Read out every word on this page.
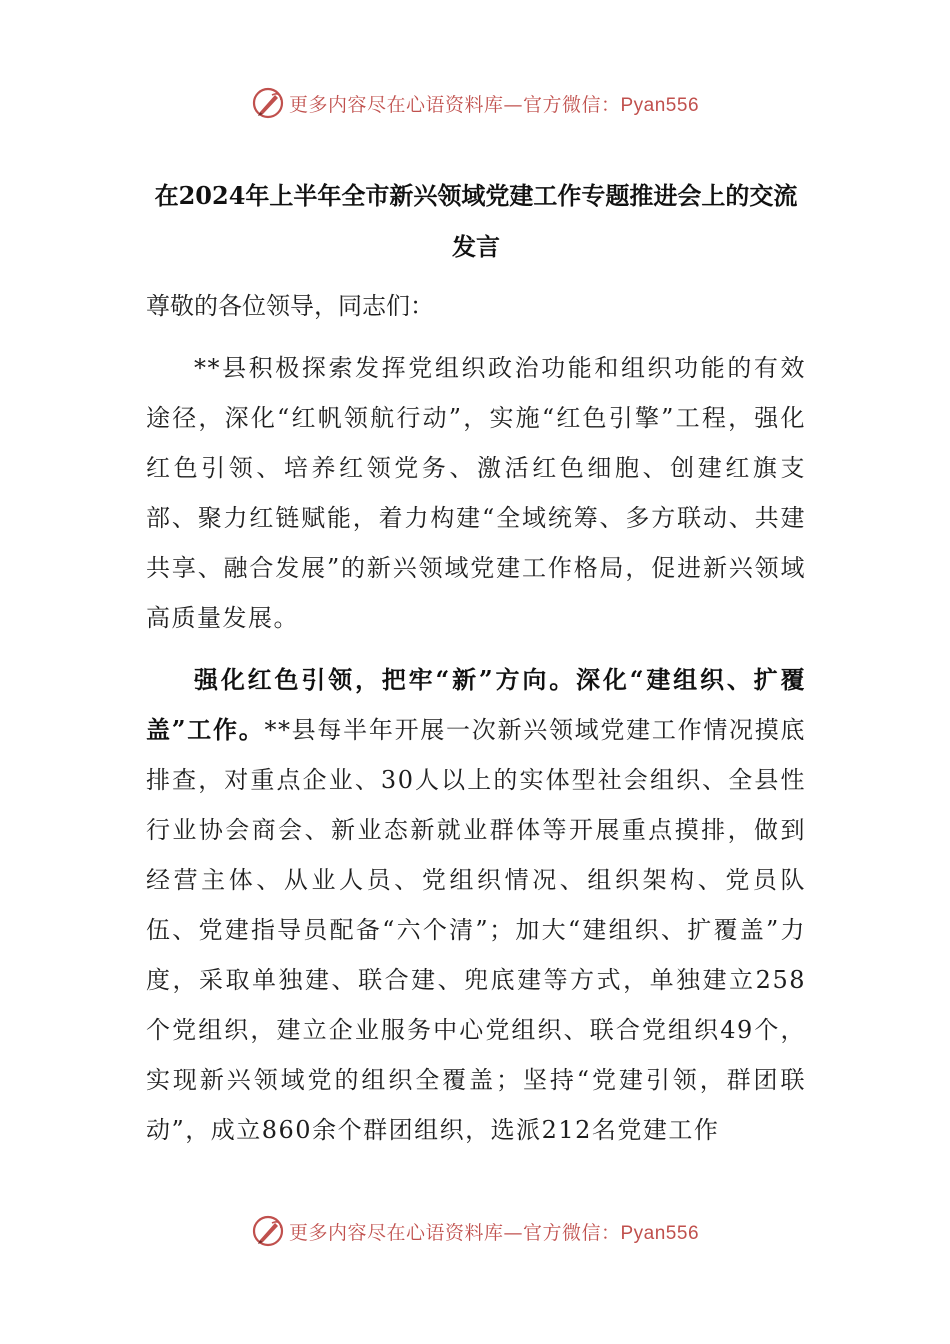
更多内容尽在心语资料库—官方微信：Pyan556
在2024年上半年全市新兴领域党建工作专题推进会上的交流发言

尊敬的各位领导，同志们：

**县积极探索发挥党组织政治功能和组织功能的有效途径，深化“红帆领航行动”，实施“红色引擎”工程，强化红色引领、培养红领党务、激活红色细胞、创建红旗支部、聚力红链赋能，着力构建“全域统筹、多方联动、共建共享、融合发展”的新兴领域党建工作格局，促进新兴领域高质量发展。

强化红色引领，把牢“新”方向。深化“建组织、扩覆盖”工作。**县每半年开展一次新兴领域党建工作情况摸底排查，对重点企业、30人以上的实体型社会组织、全县性行业协会商会、新业态新就业群体等开展重点摸排，做到经营主体、从业人员、党组织情况、组织架构、党员队伍、党建指导员配备“六个清”；加大“建组织、扩覆盖”力度，采取单独建、联合建、兜底建等方式，单独建立258个党组织，建立企业服务中心党组织、联合党组织49个，实现新兴领域党的组织全覆盖；坚持“党建引领，群团联动”，成立860余个群团组织，选派212名党建工作

更多内容尽在心语资料库—官方微信：Pyan556
